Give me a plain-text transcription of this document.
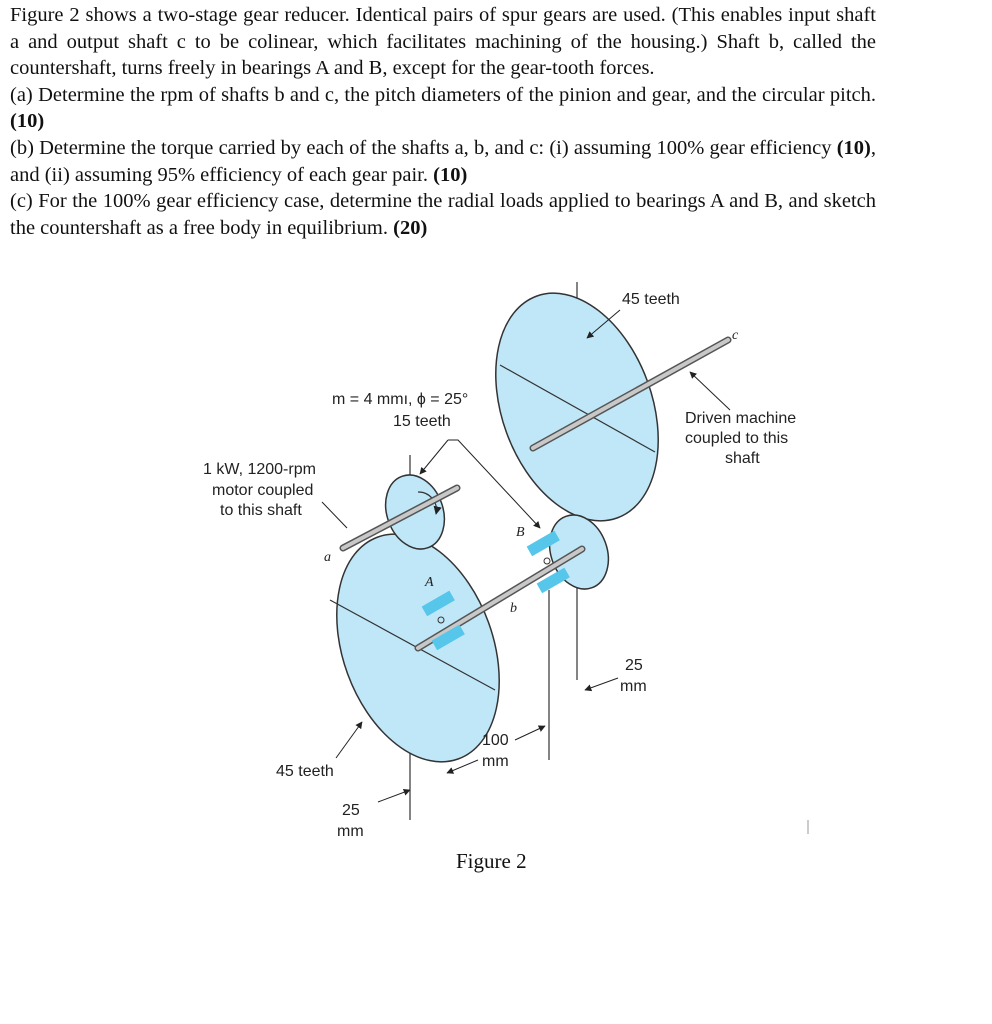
Figure 2 shows a two-stage gear reducer. Identical pairs of spur gears are used. (This enables input shaft a and output shaft c to be colinear, which facilitates machining of the housing.) Shaft b, called the countershaft, turns freely in bearings A and B, except for the gear-tooth forces.

(a) Determine the rpm of shafts b and c, the pitch diameters of the pinion and gear, and the circular pitch. (10)

(b) Determine the torque carried by each of the shafts a, b, and c: (i) assuming 100% gear efficiency (10), and (ii) assuming 95% efficiency of each gear pair. (10)

(c) For the 100% gear efficiency case, determine the radial loads applied to bearings A and B, and sketch the countershaft as a free body in equilibrium. (20)

45 teeth
m = 4 mmı, ϕ = 25°
15 teeth
1 kW, 1200-rpm
motor coupled
to this shaft
Driven machine
coupled to this
shaft
45 teeth
25
mm
100
mm
25
mm
a
b
c
A
B
Figure 2
